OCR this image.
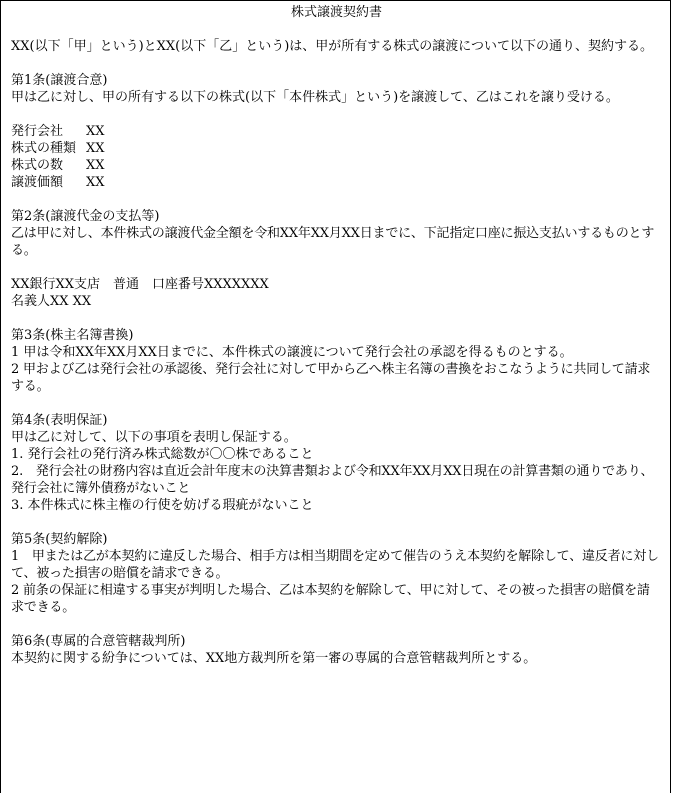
株式譲渡契約書

XX(以下「甲」という)とXX(以下「乙」という)は、甲が所有する株式の譲渡について以下の通り、契約する。

第1条(譲渡合意)

甲は乙に対し、甲の所有する以下の株式(以下「本件株式」という)を譲渡して、乙はこれを譲り受ける。

発行会社	XX
株式の種類 XX
株式の数	XX
譲渡価額	XX

第2条(譲渡代金の支払等)

乙は甲に対し、本件株式の譲渡代金全額を令和XX年XX月XX日までに、下記指定口座に振込支払いするものとする。

XX銀行XX支店　普通　口座番号XXXXXXX

名義人XX XX

第3条(株主名簿書換)

1 甲は令和XX年XX月XX日までに、本件株式の譲渡について発行会社の承認を得るものとする。

2 甲および乙は発行会社の承認後、発行会社に対して甲から乙へ株主名簿の書換をおこなうように共同して請求する。

第4条(表明保証)

甲は乙に対して、以下の事項を表明し保証する。

1. 発行会社の発行済み株式総数が〇〇株であること

2.　発行会社の財務内容は直近会計年度末の決算書類および令和XX年XX月XX日現在の計算書類の通りであり、発行会社に簿外債務がないこと

3. 本件株式に株主権の行使を妨げる瑕疵がないこと

第5条(契約解除)

1　甲または乙が本契約に違反した場合、相手方は相当期間を定めて催告のうえ本契約を解除して、違反者に対して、被った損害の賠償を請求できる。

2 前条の保証に相違する事実が判明した場合、乙は本契約を解除して、甲に対して、その被った損害の賠償を請求できる。

第6条(専属的合意管轄裁判所)

本契約に関する紛争については、XX地方裁判所を第一審の専属的合意管轄裁判所とする。
